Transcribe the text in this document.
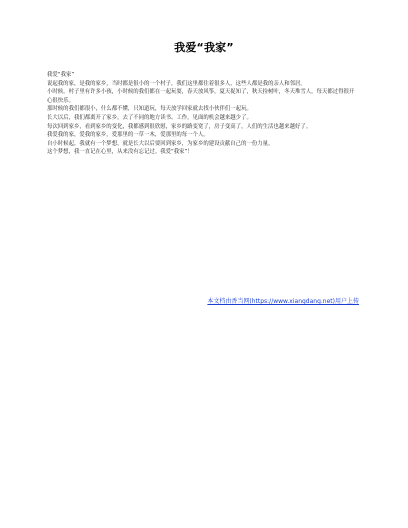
我爱“我家”

我爱“我家”

说起我的家，是我的家乡，当时都是很小的一个村子，我们这里都住着很多人，这些人都是我的亲人和邻居。

小时候，村子里有许多小孩，小时候的我们都在一起玩耍，春天放风筝，夏天捉知了，秋天捡树叶，冬天堆雪人，每天都过得很开心很快乐。

那时候的我们都很小，什么都不懂，只知道玩，每天放学回家就去找小伙伴们一起玩。

长大以后，我们都离开了家乡，去了不同的地方读书、工作，见面的机会越来越少了。

每次回到家乡，看到家乡的变化，我都感到很欣慰，家乡的路变宽了，房子变高了，人们的生活也越来越好了。

我爱我的家，爱我的家乡，爱那里的一草一木，爱那里的每一个人。

自小时候起，我就有一个梦想，就是长大以后要回到家乡，为家乡的建设贡献自己的一份力量。

这个梦想，我一直记在心里，从来没有忘记过。我爱“我家”！

本文档由香当网(https://www.xiangdang.net)用户上传
